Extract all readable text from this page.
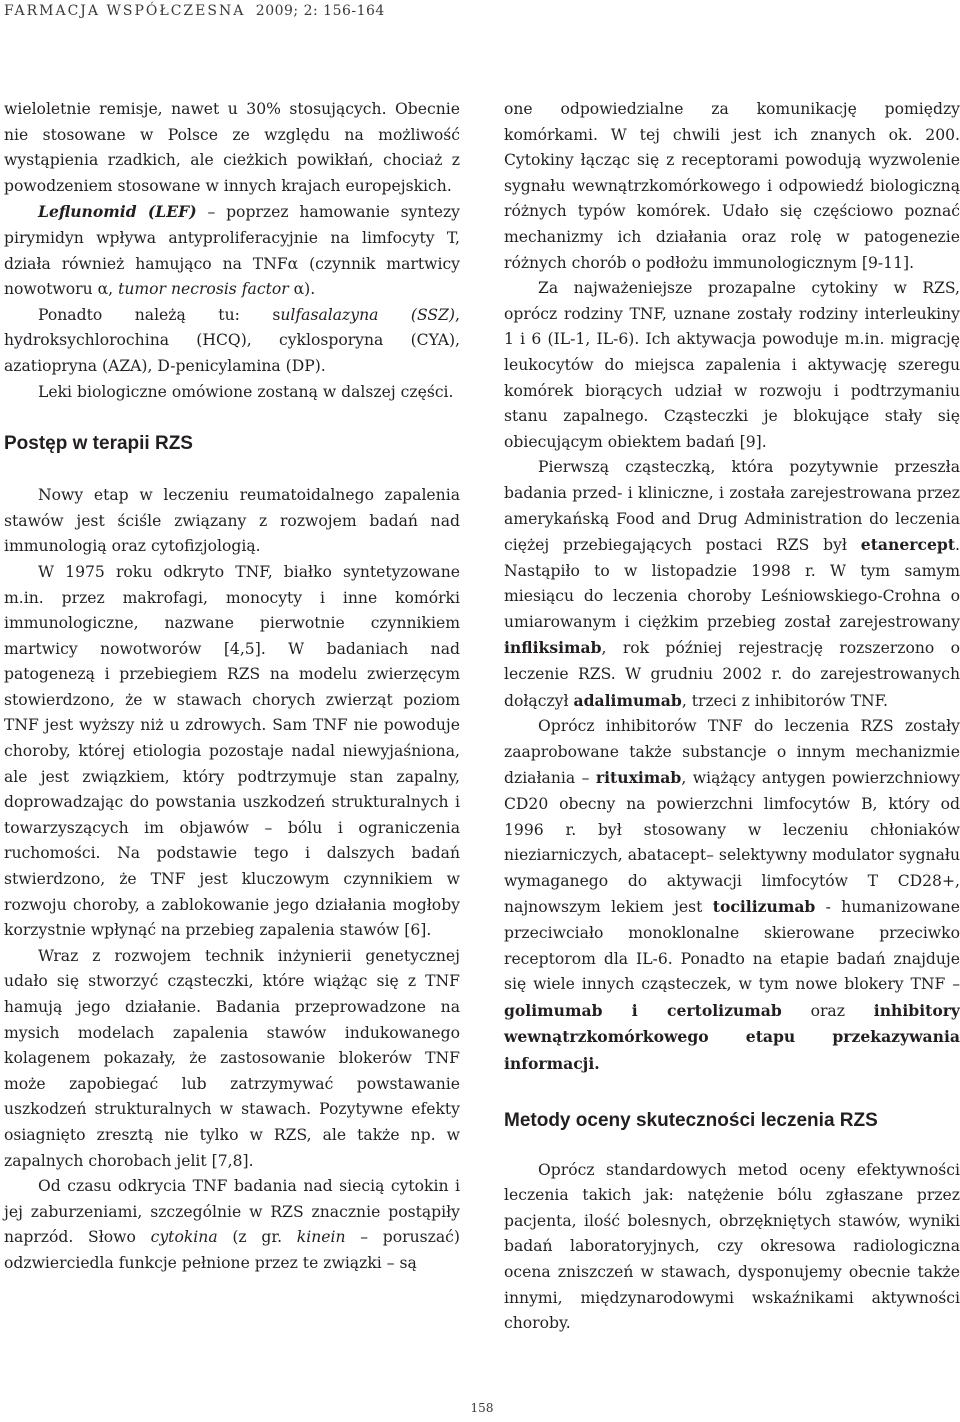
FARMACJA WSPÓŁCZESNA 2009; 2: 156-164

wieloletnie remisje, nawet u 30% stosujących. Obecnie nie stosowane w Polsce ze względu na możliwość wystąpienia rzadkich, ale cieżkich powikłań, chociaż z powodzeniem stosowane w innych krajach europejskich.

Leflunomid (LEF) – poprzez hamowanie syntezy pirymidyn wpływa antyproliferacyjnie na limfocyty T, działa również hamująco na TNFα (czynnik martwicy nowotworu α, tumor necrosis factor α).

Ponadto należą tu: sulfasalazyna (SSZ), hydroksychlorochina (HCQ), cyklosporyna (CYA), azatiopryna (AZA), D-penicylamina (DP).

Leki biologiczne omówione zostaną w dalszej części.

Postęp w terapii RZS

Nowy etap w leczeniu reumatoidalnego zapalenia stawów jest ściśle związany z rozwojem badań nad immunologią oraz cytofizjologią.

W 1975 roku odkryto TNF, białko syntetyzowane m.in. przez makrofagi, monocyty i inne komórki immunologiczne, nazwane pierwotnie czynnikiem martwicy nowotworów [4,5]. W badaniach nad patogenezą i przebiegiem RZS na modelu zwierzęcym stowierdzono, że w stawach chorych zwierząt poziom TNF jest wyższy niż u zdrowych. Sam TNF nie powoduje choroby, której etiologia pozostaje nadal niewyjaśniona, ale jest związkiem, który podtrzymuje stan zapalny, doprowadzając do powstania uszkodzeń strukturalnych i towarzyszących im objawów – bólu i ograniczenia ruchomości. Na podstawie tego i dalszych badań stwierdzono, że TNF jest kluczowym czynnikiem w rozwoju choroby, a zablokowanie jego działania mogłoby korzystnie wpłynąć na przebieg zapalenia stawów [6].

Wraz z rozwojem technik inżynierii genetycznej udało się stworzyć cząsteczki, które wiążąc się z TNF hamują jego działanie. Badania przeprowadzone na mysich modelach zapalenia stawów indukowanego kolagenem pokazały, że zastosowanie blokerów TNF może zapobiegać lub zatrzymywać powstawanie uszkodzeń strukturalnych w stawach. Pozytywne efekty osiagnięto zresztą nie tylko w RZS, ale także np. w zapalnych chorobach jelit [7,8].

Od czasu odkrycia TNF badania nad siecią cytokin i jej zaburzeniami, szczególnie w RZS znacznie postąpiły naprzód. Słowo cytokina (z gr. kinein – poruszać) odzwierciedla funkcje pełnione przez te związki – są

one odpowiedzialne za komunikację pomiędzy komórkami. W tej chwili jest ich znanych ok. 200. Cytokiny łącząc się z receptorami powodują wyzwolenie sygnału wewnątrzkomórkowego i odpowiedź biologiczną różnych typów komórek. Udało się częściowo poznać mechanizmy ich działania oraz rolę w patogenezie różnych chorób o podłożu immunologicznym [9-11].

Za najważeniejsze prozapalne cytokiny w RZS, oprócz rodziny TNF, uznane zostały rodziny interleukiny 1 i 6 (IL-1, IL-6). Ich aktywacja powoduje m.in. migrację leukocytów do miejsca zapalenia i aktywację szeregu komórek biorących udział w rozwoju i podtrzymaniu stanu zapalnego. Cząsteczki je blokujące stały się obiecującym obiektem badań [9].

Pierwszą cząsteczką, która pozytywnie przeszła badania przed- i kliniczne, i została zarejestrowana przez amerykańską Food and Drug Administration do leczenia ciężej przebiegających postaci RZS był etanercept. Nastąpiło to w listopadzie 1998 r. W tym samym miesiącu do leczenia choroby Leśniowskiego-Crohna o umiarowanym i ciężkim przebieg został zarejestrowany infliksimab, rok później rejestrację rozszerzono o leczenie RZS. W grudniu 2002 r. do zarejestrowanych dołączył adalimumab, trzeci z inhibitorów TNF.

Oprócz inhibitorów TNF do leczenia RZS zostały zaaprobowane także substancje o innym mechanizmie działania – rituximab, wiążący antygen powierzchniowy CD20 obecny na powierzchni limfocytów B, który od 1996 r. był stosowany w leczeniu chłoniaków nieziarniczych, abatacept– selektywny modulator sygnału wymaganego do aktywacji limfocytów T CD28+, najnowszym lekiem jest tocilizumab - humanizowane przeciwciało monoklonalne skierowane przeciwko receptorom dla IL-6. Ponadto na etapie badań znajduje się wiele innych cząsteczek, w tym nowe blokery TNF – golimumab i certolizumab oraz inhibitory wewnątrzkomórkowego etapu przekazywania informacji.

Metody oceny skuteczności leczenia RZS

Oprócz standardowych metod oceny efektywności leczenia takich jak: natężenie bólu zgłaszane przez pacjenta, ilość bolesnych, obrzękniętych stawów, wyniki badań laboratoryjnych, czy okresowa radiologiczna ocena zniszczeń w stawach, dysponujemy obecnie także innymi, międzynarodowymi wskaźnikami aktywności choroby.

158
